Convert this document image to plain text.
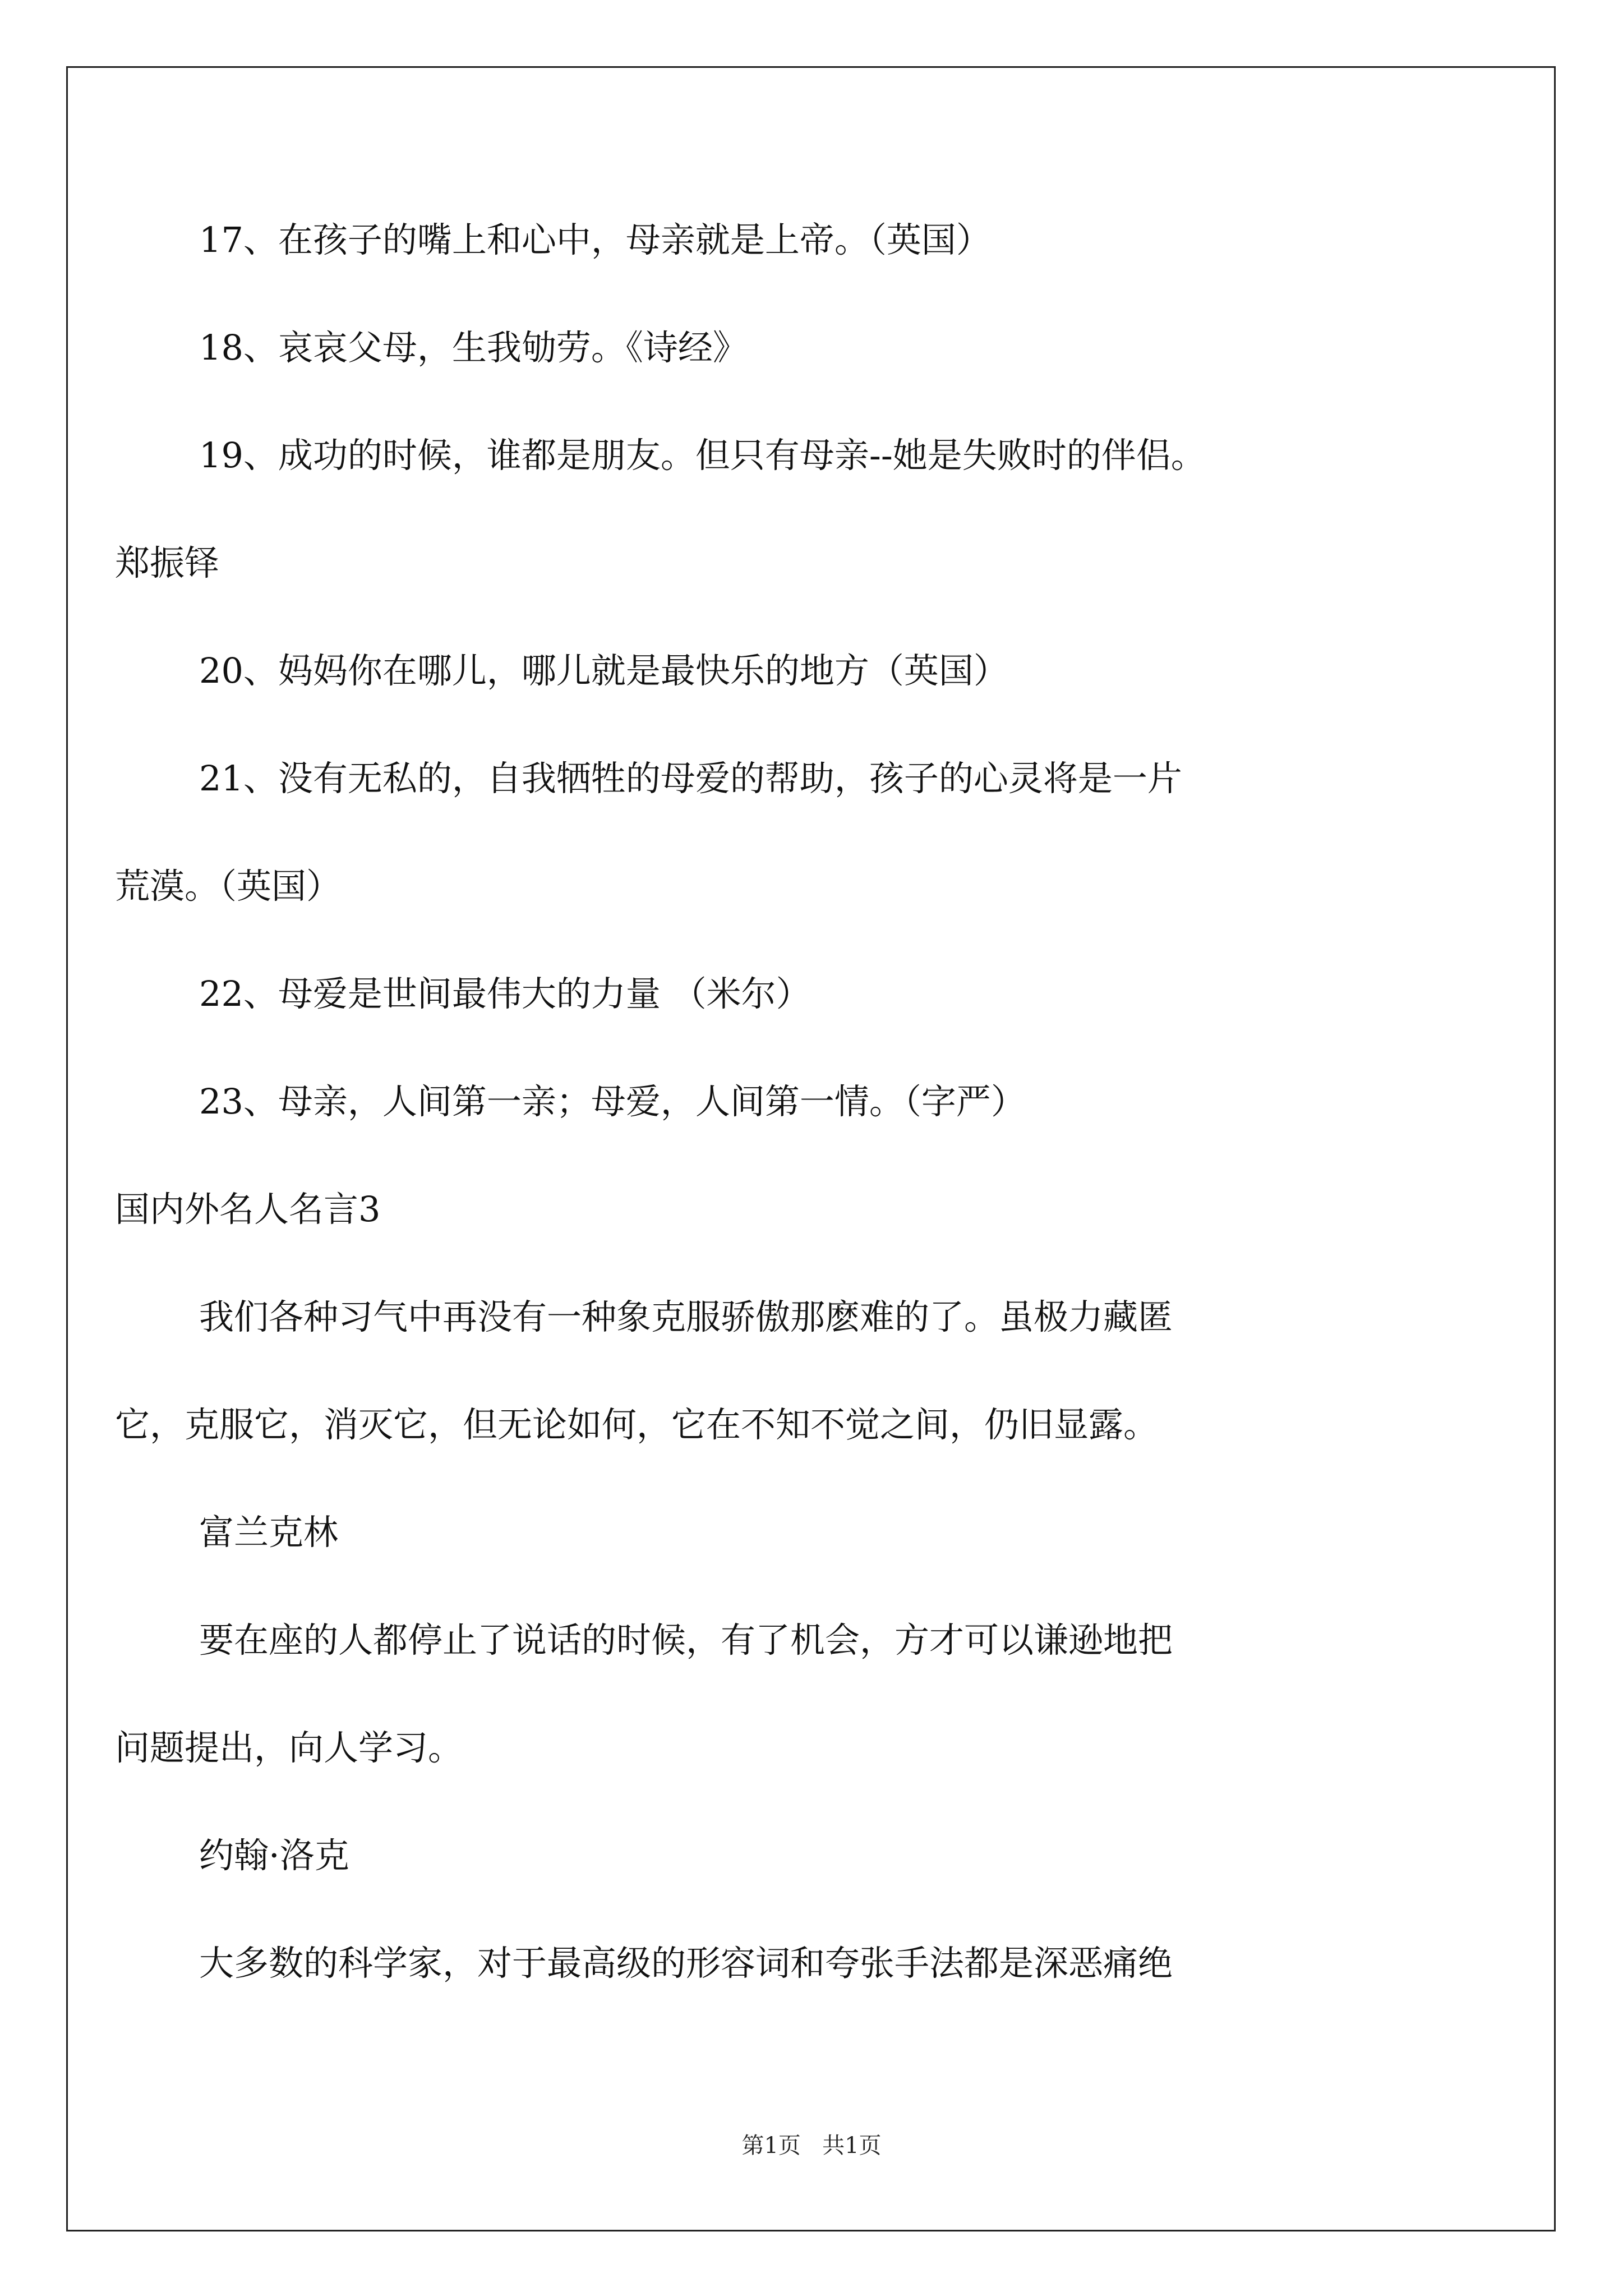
17、在孩子的嘴上和心中，母亲就是上帝。（英国）
18、哀哀父母，生我劬劳。《诗经》
19、成功的时候，谁都是朋友。但只有母亲--她是失败时的伴侣。
郑振铎
20、妈妈你在哪儿，哪儿就是最快乐的地方（英国）
21、没有无私的，自我牺牲的母爱的帮助，孩子的心灵将是一片
荒漠。（英国）
22、母爱是世间最伟大的力量 （米尔）
23、母亲，人间第一亲；母爱，人间第一情。（字严）
国内外名人名言3
我们各种习气中再没有一种象克服骄傲那麽难的了。虽极力藏匿
它，克服它，消灭它，但无论如何，它在不知不觉之间，仍旧显露。
富兰克林
要在座的人都停止了说话的时候，有了机会，方才可以谦逊地把
问题提出，向人学习。
约翰·洛克
大多数的科学家，对于最高级的形容词和夸张手法都是深恶痛绝
第1页 共1页
